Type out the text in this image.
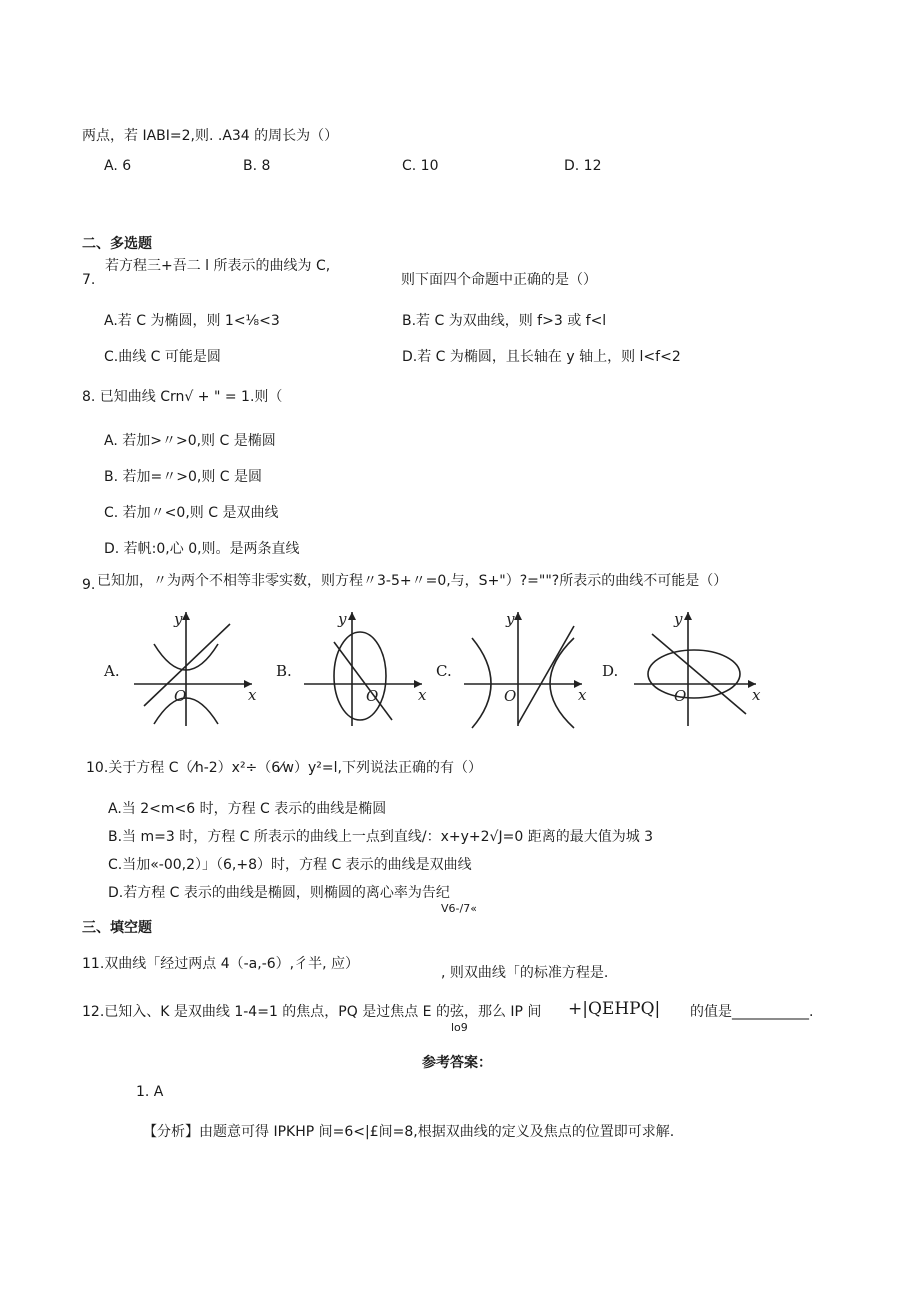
两点，若 IABI=2,则. .A34 的周长为（）
A. 6	B. 8	C. 10	D. 12
二、多选题
7.
若方程三+吾二 l 所表示的曲线为 C,
则下面四个命题中正确的是（）
A.若 C 为椭圆，则 1<⅛<3	B.若 C 为双曲线，则 f>3 或 f<l
C.曲线 C 可能是圆	D.若 C 为椭圆，且长轴在 y 轴上，则 l<f<2
8. 已知曲线 Crn√ + " = 1.则（
A. 若加>〃>0,则 C 是椭圆
B. 若加=〃>0,则 C 是圆
C. 若加〃<0,则 C 是双曲线
D. 若帆:0,心 0,则。是两条直线
9. 已知加，〃为两个不相等非零实数，则方程〃3-5+〃=0,与，S+"）?=""?所表示的曲线不可能是（）
A.
y
x
O
B.
y
x
O
C.
y
x
O
D.
y
x
O
10.关于方程 C（⁄h-2）x²÷（6⁄w）y²=l,下列说法正确的有（）
A.当 2<m<6 时，方程 C 表示的曲线是椭圆
B.当 m=3 时，方程 C 所表示的曲线上一点到直线/：x+y+2√J=0 距离的最大值为城 3
C.当加«-00,2）」（6,+8）时，方程 C 表示的曲线是双曲线
D.若方程 C 表示的曲线是椭圆，则椭圆的离心率为告纪
V6-/7«
三、填空题
11.双曲线「经过两点 4（-a,-6）,彳半, 应）
, 则双曲线「的标准方程是.
12.已知入、K 是双曲线 1-4=1 的焦点，PQ 是过焦点 E 的弦，那么 IP 间 +|QEHPQ| 的值是___________.
lo9
参考答案：
1. A
【分析】由题意可得 IPKHP 间=6<|£间=8,根据双曲线的定义及焦点的位置即可求解.
